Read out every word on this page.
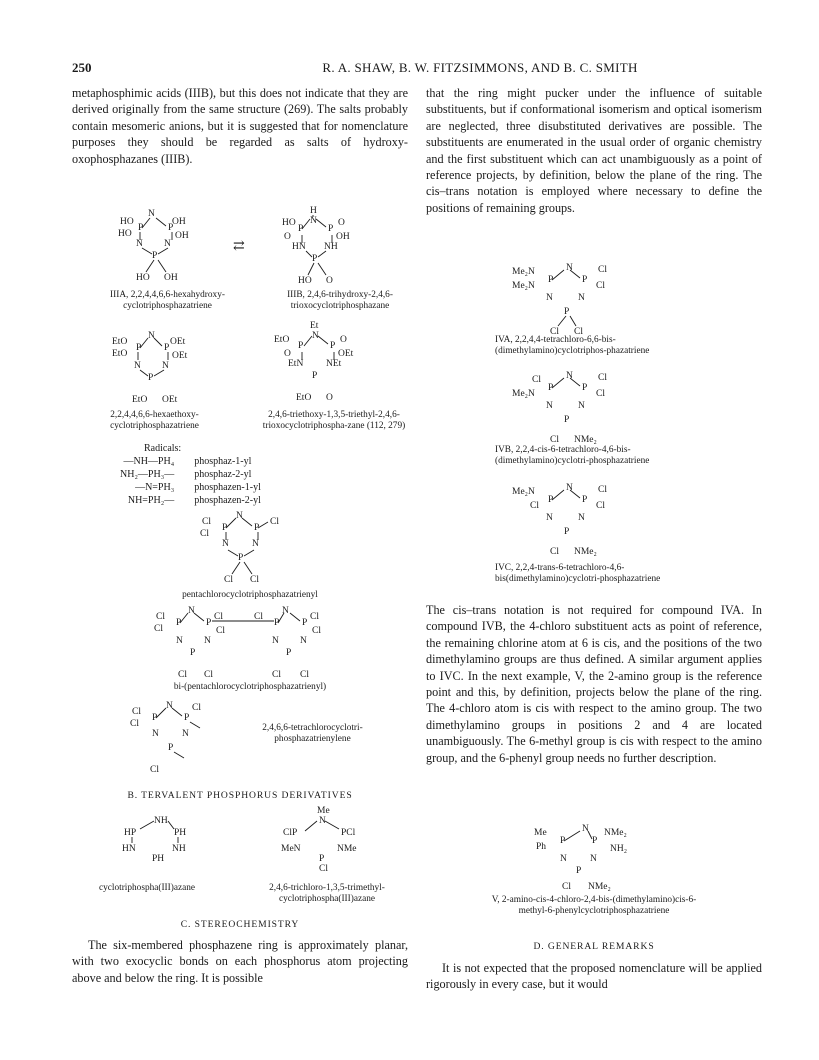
250	R. A. SHAW, B. W. FITZSIMMONS, AND B. C. SMITH
metaphosphimic acids (IIIB), but this does not indicate that they are derived originally from the same structure (269). The salts probably contain mesomeric anions, but it is suggested that for nomenclature purposes they should be regarded as salts of hydroxy-oxophosphazanes (IIIB).
HO
N
OH
HO
P	P
OH
N N
P
HO OH
⇄
H
N
HO	O
P	P
O	OH
HN NH
P
HO O
IIIA, 2,2,4,4,6,6-hexahydroxy-cyclotriphosphazatriene
IIIB, 2,4,6-trihydroxy-2,4,6-trioxocyclotriphosphazane
EtO
N
OEt
EtO
P P
OEt
N N
P
EtO OEt
Et
N
EtO	O
P	P
O	OEt
EtN NEt
P
EtO O
2,2,4,4,6,6-hexaethoxy-cyclotriphosphazatriene
2,4,6-triethoxy-1,3,5-triethyl-2,4,6-trioxocyclotriphospha-zane (112, 279)
Radicals:
—NH—PH₄	phosphaz-1-yl
NH₂—PH₃—	phosphaz-2-yl
—N=PH₃	phosphazen-1-yl
NH=PH₂—	phosphazen-2-yl
Cl
N
Cl
Cl
P	P
N N
P
Cl Cl
pentachlorocyclotriphosphazatrienyl
Cl
N
Cl
Cl
P	P
Cl
N N
P
Cl Cl
Cl
N
Cl
P P
Cl
N N
P
Cl Cl
bi-(pentachlorocyclotriphosphazatrienyl)
Cl
N Cl
Cl
P	P
N N
P
Cl
2,4,6,6-tetrachlorocyclotri-phosphazatrienylene
B. TERVALENT PHOSPHORUS DERIVATIVES
NH
HP	PH
HN	NH
PH
Me
N
ClP	PCl
MeN	NMe
P
Cl
cyclotriphospha(III)azane	2,4,6-trichloro-1,3,5-trimethyl-cyclotriphospha(III)azane
C. STEREOCHEMISTRY
The six-membered phosphazene ring is approximately planar, with two exocyclic bonds on each phosphorus atom projecting above and below the ring. It is possible
that the ring might pucker under the influence of suitable substituents, but if conformational isomerism and optical isomerism are neglected, three disubstituted derivatives are possible. The substituents are enumerated in the usual order of organic chemistry and the first substituent which can act unambiguously as a point of reference projects, by definition, below the plane of the ring. The cis–trans notation is employed where necessary to define the positions of remaining groups.
Me₂N	N	Cl
Me₂N
P	P
Cl
N	N
P
Cl Cl
IVA, 2,2,4,4-tetrachloro-6,6-bis-(dimethylamino)cyclotriphos-phazatriene
Cl	N	Cl
Me₂N
P	P
Cl
N	N
P
Cl NMe₂
IVB, 2,2,4-cis-6-tetrachloro-4,6-bis-(dimethylamino)cyclotri-phosphazatriene
Me₂N	N	Cl
Cl
P	P
Cl
N	N
P
Cl NMe₂
IVC, 2,2,4-trans-6-tetrachloro-4,6-bis(dimethylamino)cyclotri-phosphazatriene
The cis–trans notation is not required for compound IVA. In compound IVB, the 4-chloro substituent acts as point of reference, the remaining chlorine atom at 6 is cis, and the positions of the two dimethylamino groups are thus defined. A similar argument applies to IVC. In the next example, V, the 2-amino group is the reference point and this, by definition, projects below the plane of the ring. The 4-chloro atom is cis with respect to the amino group. The two dimethylamino groups in positions 2 and 4 are located unambiguously. The 6-methyl group is cis with respect to the amino group, and the 6-phenyl group needs no further description.
Me	N NMe₂
Ph
P	P
NH₂
N N
P
Cl NMe₂
V, 2-amino-cis-4-chloro-2,4-bis-(dimethylamino)cis-6-methyl-6-phenylcyclotriphosphazatriene
D. GENERAL REMARKS
It is not expected that the proposed nomenclature will be applied rigorously in every case, but it would
